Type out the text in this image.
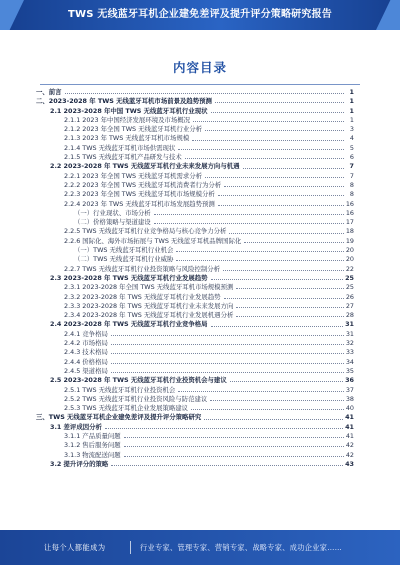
TWS 无线蓝牙耳机企业建免差评及提升评分策略研究报告
内容目录
一、前言	1
二、2023-2028 年 TWS 无线蓝牙耳机市场前景及趋势预测	1
2.1 2023-2028 年中国 TWS 无线蓝牙耳机行业现状	1
2.1.1 2023 年中国经济发展环境及市场概况	1
2.1.2 2023 年全国 TWS 无线蓝牙耳机行业分析	3
2.1.3 2023 年 TWS 无线蓝牙耳机市场规模	4
2.1.4 TWS 无线蓝牙耳机市场供需现状	5
2.1.5 TWS 无线蓝牙耳机产品研发与技术	6
2.2 2023-2028 年 TWS 无线蓝牙耳机行业未来发展方向与机遇	7
2.2.1 2023 年全国 TWS 无线蓝牙耳机需求分析	7
2.2.2 2023 年全国 TWS 无线蓝牙耳机消费者行为分析	8
2.2.3 2023 年全国 TWS 无线蓝牙耳机市场规模分析	8
2.2.4 2023 年 TWS 无线蓝牙耳机市场发展趋势预测	16
（一）行业现状、市场分析	16
（二）价格策略与渠道建设	17
2.2.5 TWS 无线蓝牙耳机行业竞争格局与核心竞争力分析	18
2.2.6 国际化、海外市场拓展与 TWS 无线蓝牙耳机品牌国际化	19
（一）TWS 无线蓝牙耳机行业机会	20
（二）TWS 无线蓝牙耳机行业威胁	20
2.2.7 TWS 无线蓝牙耳机行业投资策略与风险控制分析	22
2.3 2023-2028 年 TWS 无线蓝牙耳机行业发展趋势	25
2.3.1 2023-2028 年全国 TWS 无线蓝牙耳机市场规模预测	25
2.3.2 2023-2028 年 TWS 无线蓝牙耳机行业发展趋势	26
2.3.3 2023-2028 年 TWS 无线蓝牙耳机行业未来发展方向	27
2.3.4 2023-2028 年 TWS 无线蓝牙耳机行业发展机遇分析	28
2.4 2023-2028 年 TWS 无线蓝牙耳机行业竞争格局	31
2.4.1 竞争格局	31
2.4.2 市场格局	32
2.4.3 技术格局	33
2.4.4 价格格局	34
2.4.5 渠道格局	35
2.5 2023-2028 年 TWS 无线蓝牙耳机行业投资机会与建议	36
2.5.1 TWS 无线蓝牙耳机行业投资机会	37
2.5.2 TWS 无线蓝牙耳机行业投资风险与防范建议	38
2.5.3 TWS 无线蓝牙耳机企业发展策略建议	40
三、TWS 无线蓝牙耳机企业建免差评及提升评分策略研究	41
3.1 差评成因分析	41
3.1.1 产品质量问题	41
3.1.2 售后服务问题	42
3.1.3 物流配送问题	42
3.2 提升评分的策略	43
让每个人都能成为	行业专家、管理专家、营销专家、战略专家、成功企业家……
